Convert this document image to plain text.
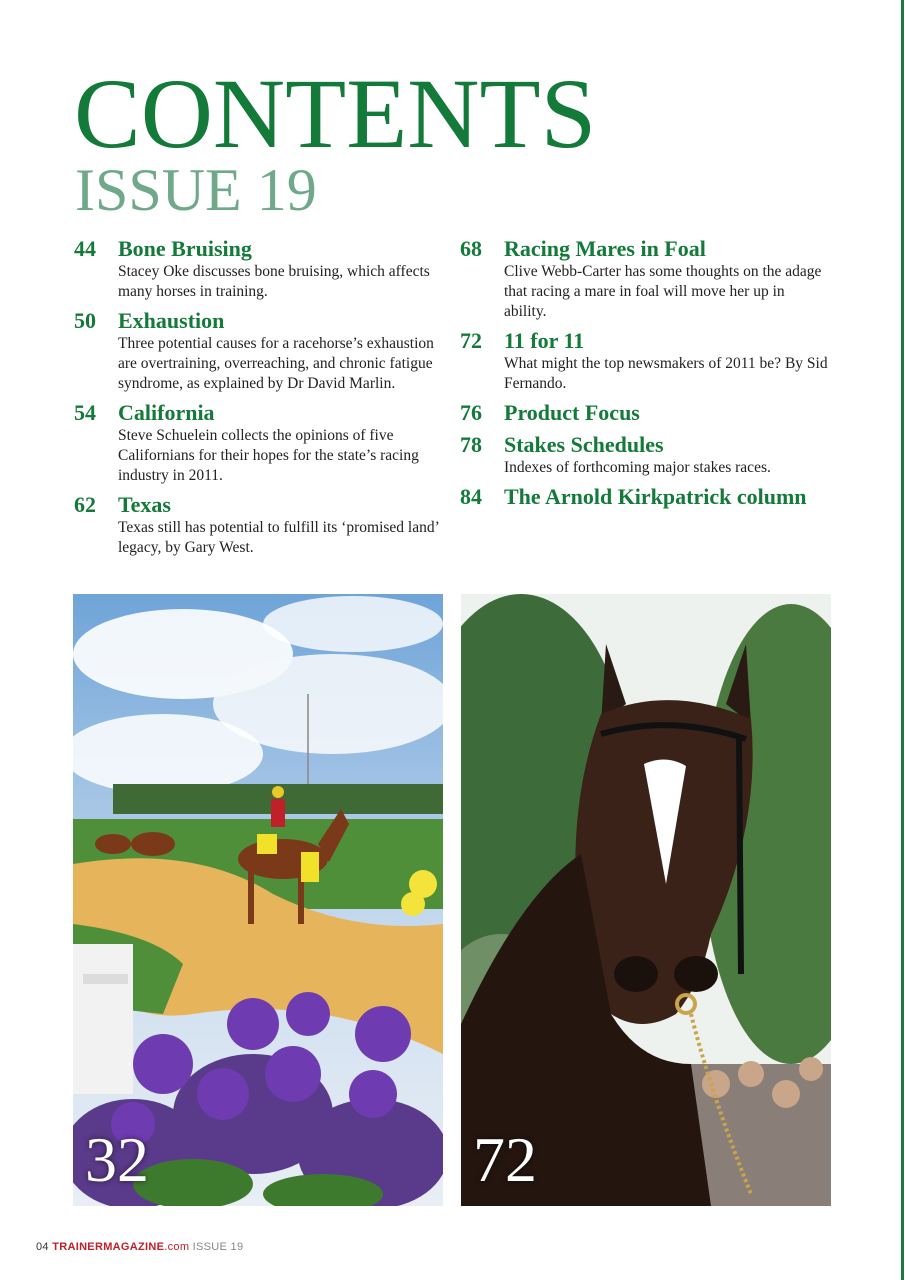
CONTENTS
ISSUE 19
44 Bone Bruising
Stacey Oke discusses bone bruising, which affects many horses in training.
50 Exhaustion
Three potential causes for a racehorse’s exhaustion are overtraining, overreaching, and chronic fatigue syndrome, as explained by Dr David Marlin.
54 California
Steve Schuelein collects the opinions of five Californians for their hopes for the state’s racing industry in 2011.
62 Texas
Texas still has potential to fulfill its ‘promised land’ legacy, by Gary West.
68 Racing Mares in Foal
Clive Webb-Carter has some thoughts on the adage that racing a mare in foal will move her up in ability.
72 11 for 11
What might the top newsmakers of 2011 be? By Sid Fernando.
76 Product Focus
78 Stakes Schedules
Indexes of forthcoming major stakes races.
84 The Arnold Kirkpatrick column
32	72
04 TRAINERMAGAZINE.com ISSUE 19
